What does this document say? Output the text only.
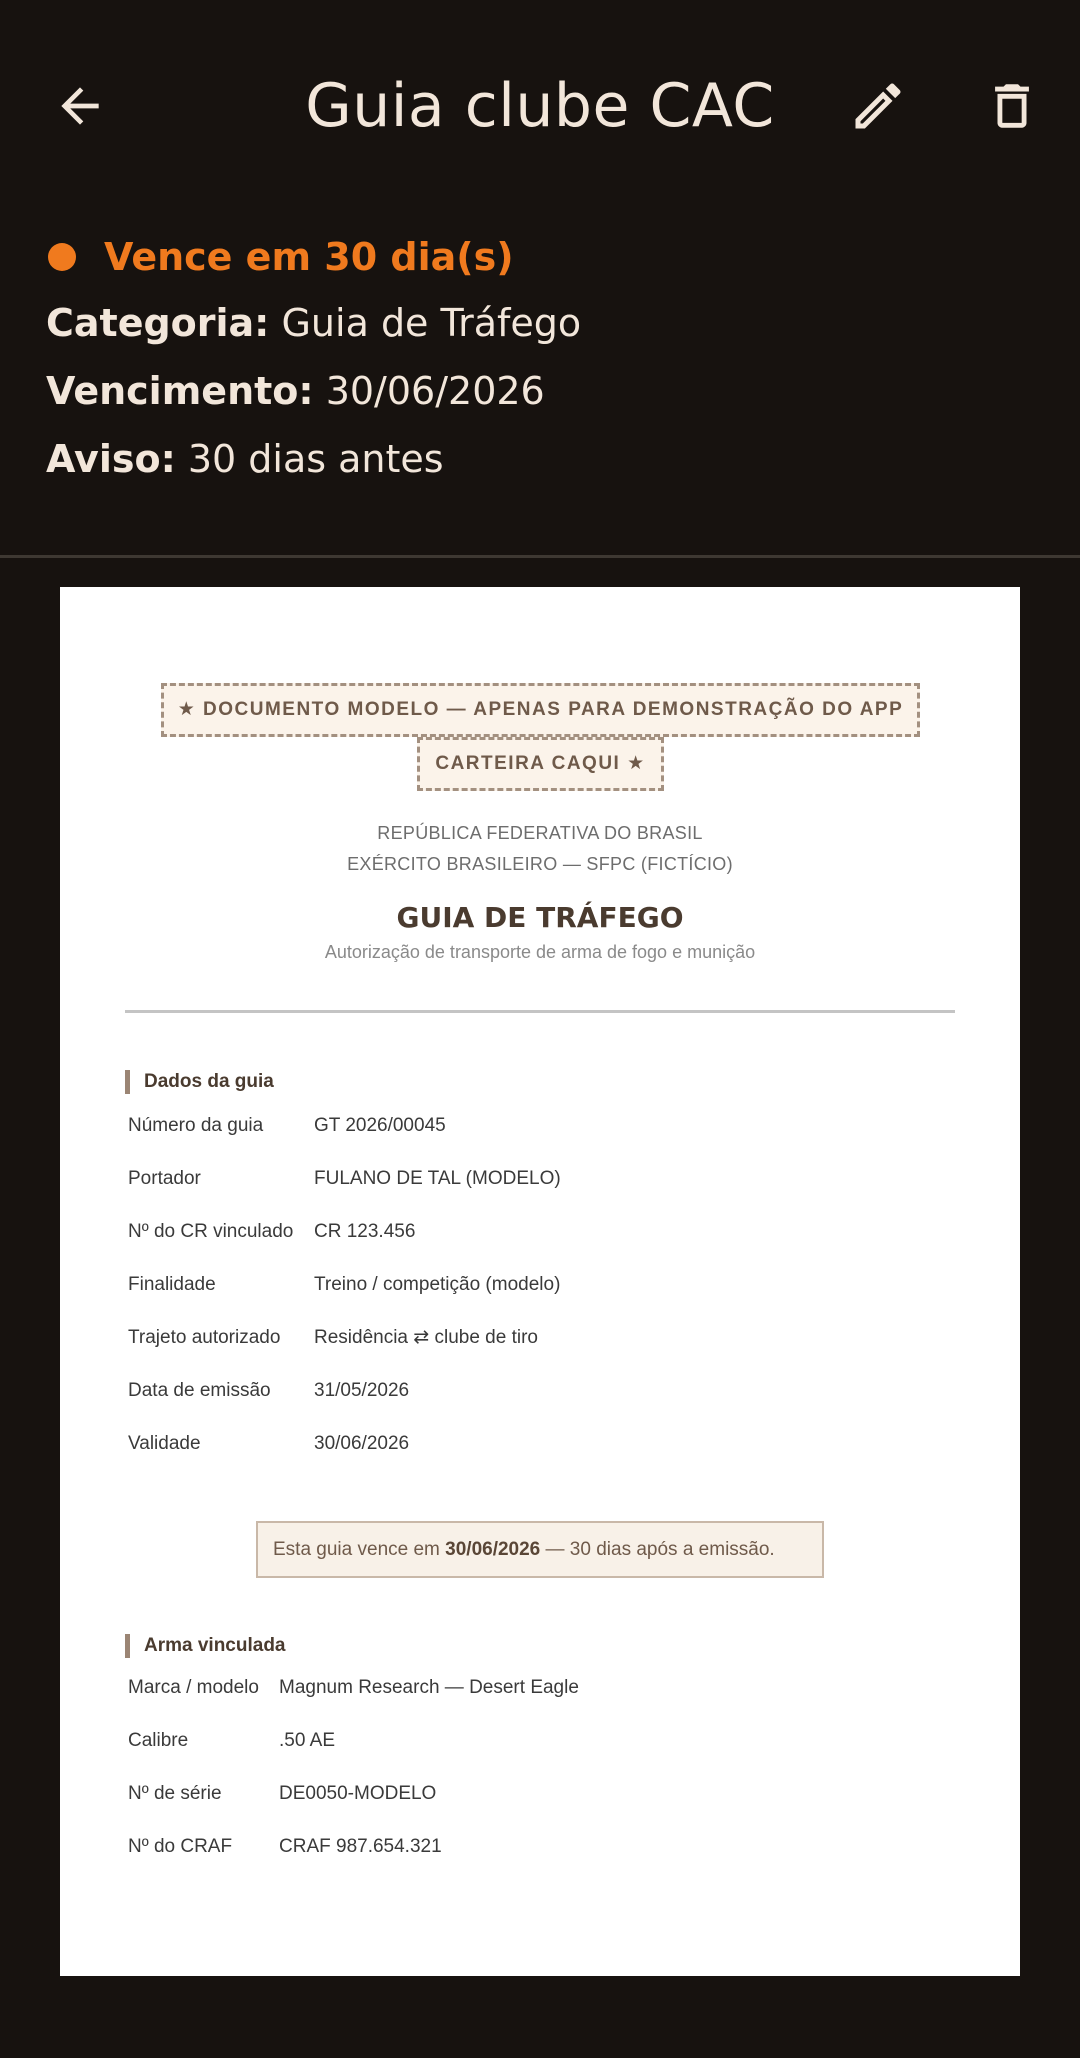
Guia clube CAC
Vence em 30 dia(s)
Categoria: Guia de Tráfego
Vencimento: 30/06/2026
Aviso: 30 dias antes
★ DOCUMENTO MODELO — APENAS PARA DEMONSTRAÇÃO DO APP
CARTEIRA CAQUI ★
REPÚBLICA FEDERATIVA DO BRASIL
EXÉRCITO BRASILEIRO — SFPC (FICTÍCIO)
GUIA DE TRÁFEGO
Autorização de transporte de arma de fogo e munição
Dados da guia
Número da guia	GT 2026/00045
Portador	FULANO DE TAL (MODELO)
Nº do CR vinculado	CR 123.456
Finalidade	Treino / competição (modelo)
Trajeto autorizado	Residência ⇄ clube de tiro
Data de emissão	31/05/2026
Validade	30/06/2026
Esta guia vence em 30/06/2026 — 30 dias após a emissão.
Arma vinculada
Marca / modelo	Magnum Research — Desert Eagle
Calibre	.50 AE
Nº de série	DE0050-MODELO
Nº do CRAF	CRAF 987.654.321
